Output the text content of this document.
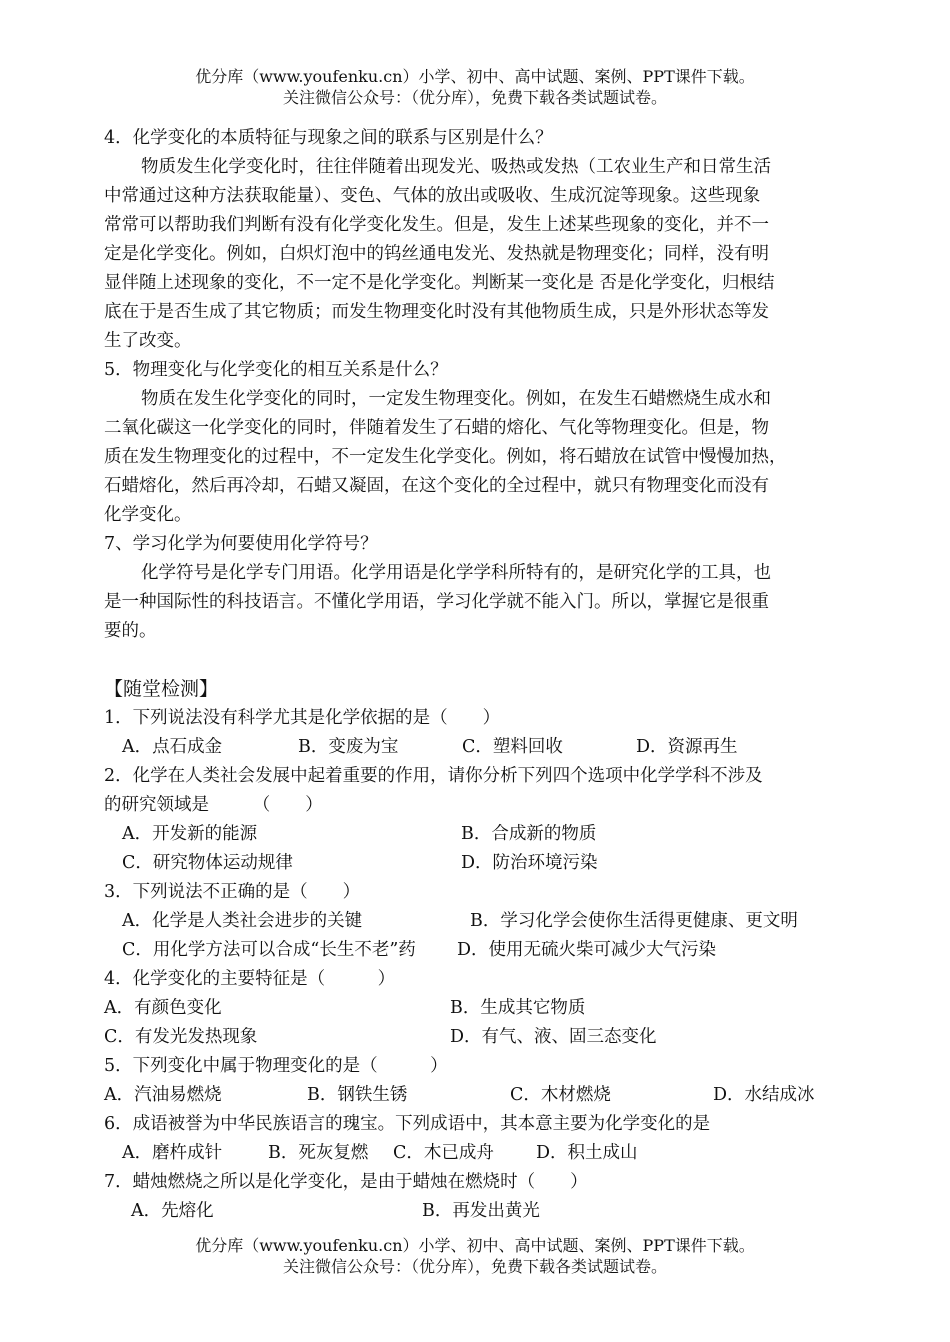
优分库（www.youfenku.cn）小学、初中、高中试题、案例、PPT课件下载。
关注微信公众号：（优分库），免费下载各类试题试卷。
4．化学变化的本质特征与现象之间的联系与区别是什么？
物质发生化学变化时，往往伴随着出现发光、吸热或发热（工农业生产和日常生活
中常通过这种方法获取能量）、变色、气体的放出或吸收、生成沉淀等现象。这些现象
常常可以帮助我们判断有没有化学变化发生。但是，发生上述某些现象的变化，并不一
定是化学变化。例如，白炽灯泡中的钨丝通电发光、发热就是物理变化；同样，没有明
显伴随上述现象的变化，不一定不是化学变化。判断某一变化是 否是化学变化，归根结
底在于是否生成了其它物质；而发生物理变化时没有其他物质生成，只是外形状态等发
生了改变。
5．物理变化与化学变化的相互关系是什么？
物质在发生化学变化的同时，一定发生物理变化。例如，在发生石蜡燃烧生成水和
二氧化碳这一化学变化的同时，伴随着发生了石蜡的熔化、气化等物理变化。但是，物
质在发生物理变化的过程中，不一定发生化学变化。例如，将石蜡放在试管中慢慢加热，
石蜡熔化，然后再冷却，石蜡又凝固，在这个变化的全过程中，就只有物理变化而没有
化学变化。
7、学习化学为何要使用化学符号？
化学符号是化学专门用语。化学用语是化学学科所特有的，是研究化学的工具，也
是一种国际性的科技语言。不懂化学用语，学习化学就不能入门。所以，掌握它是很重
要的。
【随堂检测】
1．下列说法没有科学尤其是化学依据的是（　　）
A．点石成金	B．变废为宝	C．塑料回收	D．资源再生
2．化学在人类社会发展中起着重要的作用，请你分析下列四个选项中化学学科不涉及
的研究领域是　　　（　　）
A．开发新的能源	B．合成新的物质
C．研究物体运动规律	D．防治环境污染
3．下列说法不正确的是（　　）
A．化学是人类社会进步的关键	B．学习化学会使你生活得更健康、更文明
C．用化学方法可以合成“长生不老”药 D．使用无硫火柴可减少大气污染
4．化学变化的主要特征是（　　　）
A．有颜色变化	B．生成其它物质
C．有发光发热现象	D．有气、液、固三态变化
5．下列变化中属于物理变化的是（　　　）
A．汽油易燃烧	B．钢铁生锈	C．木材燃烧	D．水结成冰
6．成语被誉为中华民族语言的瑰宝。下列成语中，其本意主要为化学变化的是
A．磨杵成针	B．死灰复燃 C．木已成舟 D．积土成山
7．蜡烛燃烧之所以是化学变化，是由于蜡烛在燃烧时（　　）
A．先熔化	B．再发出黄光
优分库（www.youfenku.cn）小学、初中、高中试题、案例、PPT课件下载。
关注微信公众号：（优分库），免费下载各类试题试卷。
